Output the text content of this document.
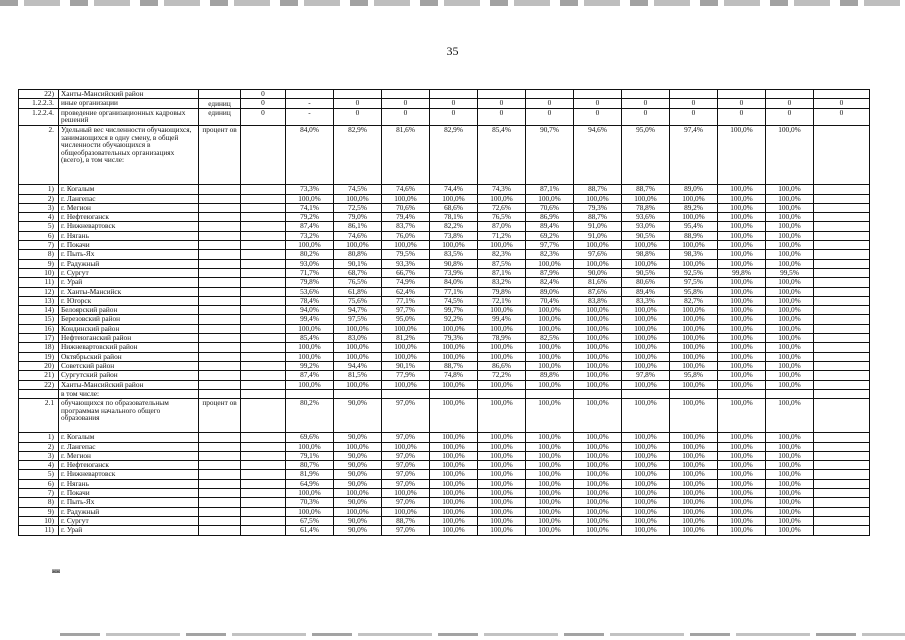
35
22)	Ханты-Мансийский район		0												
1.2.2.3.	иные организации	единиц	0	-	0	0	0	0	0	0	0	0	0	0	0
1.2.2.4.	проведение организационных кадровых решений	единиц	0	-	0	0	0	0	0	0	0	0	0	0	0
2.	Удельный вес численности обучающихся, занимающихся в одну смену, в общей численности обучающихся в общеобразовательных организациях (всего), в том числе:	процент ов		84,0%	82,9%	81,6%	82,9%	85,4%	90,7%	94,6%	95,0%	97,4%	100,0%	100,0%	
1)	г. Когалым			73,3%	74,5%	74,6%	74,4%	74,3%	87,1%	88,7%	88,7%	89,0%	100,0%	100,0%	
2)	г. Лангепас			100,0%	100,0%	100,0%	100,0%	100,0%	100,0%	100,0%	100,0%	100,0%	100,0%	100,0%	
3)	г. Мегион			74,1%	72,5%	70,6%	68,6%	72,6%	70,6%	79,3%	78,8%	89,2%	100,0%	100,0%	
4)	г. Нефтеюганск			79,2%	79,0%	79,4%	78,1%	76,5%	86,9%	88,7%	93,6%	100,0%	100,0%	100,0%	
5)	г. Нижневартовск			87,4%	86,1%	83,7%	82,2%	87,0%	89,4%	91,0%	93,0%	95,4%	100,0%	100,0%	
6)	г. Нягань			73,2%	74,6%	76,0%	73,8%	71,2%	69,2%	91,0%	90,5%	88,9%	100,0%	100,0%	
7)	г. Покачи			100,0%	100,0%	100,0%	100,0%	100,0%	97,7%	100,0%	100,0%	100,0%	100,0%	100,0%	
8)	г. Пыть-Ях			80,2%	80,8%	79,5%	83,5%	82,3%	82,3%	97,6%	98,8%	98,3%	100,0%	100,0%	
9)	г. Радужный			93,0%	90,1%	93,3%	90,8%	87,5%	100,0%	100,0%	100,0%	100,0%	100,0%	100,0%	
10)	г. Сургут			71,7%	68,7%	66,7%	73,9%	87,1%	87,9%	90,0%	90,5%	92,5%	99,8%	99,5%	
11)	г. Урай			79,8%	76,5%	74,9%	84,0%	83,2%	82,4%	81,6%	80,6%	97,5%	100,0%	100,0%	
12)	г. Ханты-Мансийск			53,6%	61,8%	62,4%	77,1%	79,8%	89,0%	87,6%	89,4%	95,8%	100,0%	100,0%	
13)	г. Югорск			78,4%	75,6%	77,1%	74,5%	72,1%	70,4%	83,8%	83,3%	82,7%	100,0%	100,0%	
14)	Белоярский район			94,0%	94,7%	97,7%	99,7%	100,0%	100,0%	100,0%	100,0%	100,0%	100,0%	100,0%	
15)	Березовский район			99,4%	97,5%	95,0%	92,2%	99,4%	100,0%	100,0%	100,0%	100,0%	100,0%	100,0%	
16)	Кондинский район			100,0%	100,0%	100,0%	100,0%	100,0%	100,0%	100,0%	100,0%	100,0%	100,0%	100,0%	
17)	Нефтеюганский район			85,4%	83,0%	81,2%	79,3%	78,9%	82,5%	100,0%	100,0%	100,0%	100,0%	100,0%	
18)	Нижневартовский район			100,0%	100,0%	100,0%	100,0%	100,0%	100,0%	100,0%	100,0%	100,0%	100,0%	100,0%	
19)	Октябрьский район			100,0%	100,0%	100,0%	100,0%	100,0%	100,0%	100,0%	100,0%	100,0%	100,0%	100,0%	
20)	Советский район			99,2%	94,4%	90,1%	88,7%	86,6%	100,0%	100,0%	100,0%	100,0%	100,0%	100,0%	
21)	Сургутский район			87,4%	81,5%	77,9%	74,8%	72,2%	89,8%	100,0%	97,8%	95,8%	100,0%	100,0%	
22)	Ханты-Мансийский район			100,0%	100,0%	100,0%	100,0%	100,0%	100,0%	100,0%	100,0%	100,0%	100,0%	100,0%	
	в том числе:														
2.1	обучающихся по образовательным программам начального общего образования	процент ов		80,2%	90,0%	97,0%	100,0%	100,0%	100,0%	100,0%	100,0%	100,0%	100,0%	100,0%	
1)	г. Когалым			69,6%	90,0%	97,0%	100,0%	100,0%	100,0%	100,0%	100,0%	100,0%	100,0%	100,0%	
2)	г. Лангепас			100,0%	100,0%	100,0%	100,0%	100,0%	100,0%	100,0%	100,0%	100,0%	100,0%	100,0%	
3)	г. Мегион			79,1%	90,0%	97,0%	100,0%	100,0%	100,0%	100,0%	100,0%	100,0%	100,0%	100,0%	
4)	г. Нефтеюганск			80,7%	90,0%	97,0%	100,0%	100,0%	100,0%	100,0%	100,0%	100,0%	100,0%	100,0%	
5)	г. Нижневартовск			81,9%	90,0%	97,0%	100,0%	100,0%	100,0%	100,0%	100,0%	100,0%	100,0%	100,0%	
6)	г. Нягань			64,9%	90,0%	97,0%	100,0%	100,0%	100,0%	100,0%	100,0%	100,0%	100,0%	100,0%	
7)	г. Покачи			100,0%	100,0%	100,0%	100,0%	100,0%	100,0%	100,0%	100,0%	100,0%	100,0%	100,0%	
8)	г. Пыть-Ях			70,3%	90,0%	97,0%	100,0%	100,0%	100,0%	100,0%	100,0%	100,0%	100,0%	100,0%	
9)	г. Радужный			100,0%	100,0%	100,0%	100,0%	100,0%	100,0%	100,0%	100,0%	100,0%	100,0%	100,0%	
10)	г. Сургут			67,5%	90,0%	88,7%	100,0%	100,0%	100,0%	100,0%	100,0%	100,0%	100,0%	100,0%	
11)	г. Урай			61,4%	90,0%	97,0%	100,0%	100,0%	100,0%	100,0%	100,0%	100,0%	100,0%	100,0%	
нн
